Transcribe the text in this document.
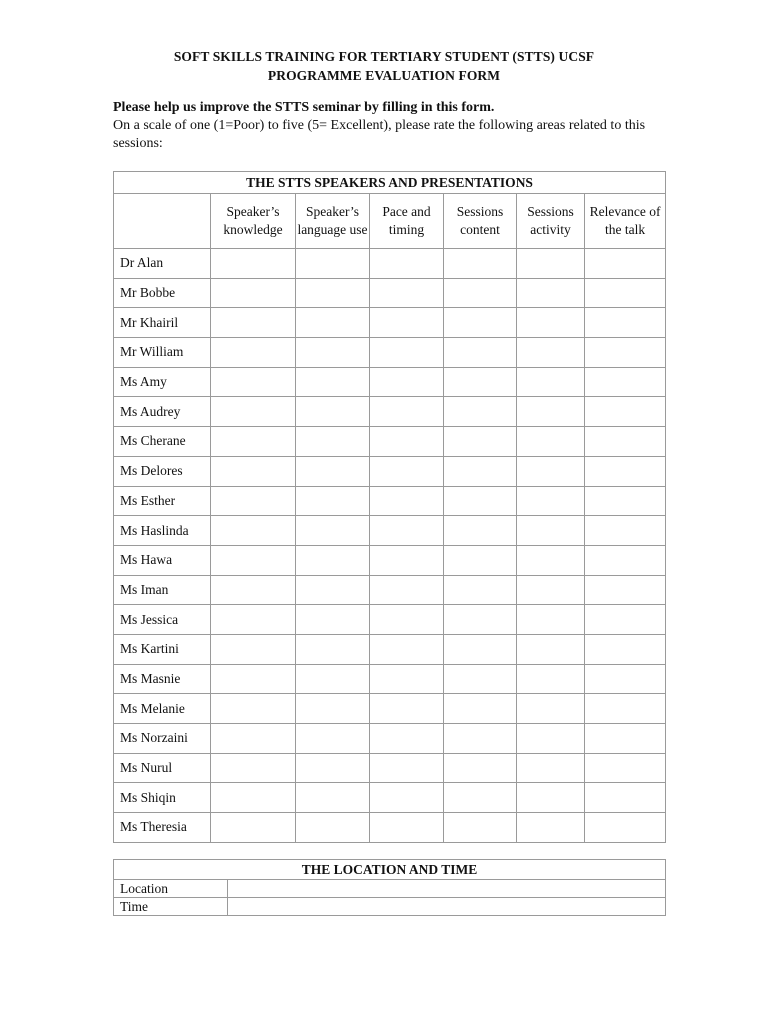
SOFT SKILLS TRAINING FOR TERTIARY STUDENT (STTS) UCSF
PROGRAMME EVALUATION FORM
Please help us improve the STTS seminar by filling in this form.
On a scale of one (1=Poor) to five (5= Excellent), please rate the following areas related to this sessions:
THE STTS SPEAKERS AND PRESENTATIONS						
	Speaker’s knowledge	Speaker’s language use	Pace and timing	Sessions content	Sessions activity	Relevance of the talk
Dr Alan						
Mr Bobbe						
Mr Khairil						
Mr William						
Ms Amy						
Ms Audrey						
Ms Cherane						
Ms Delores						
Ms Esther						
Ms Haslinda						
Ms Hawa						
Ms Iman						
Ms Jessica						
Ms Kartini						
Ms Masnie						
Ms Melanie						
Ms Norzaini						
Ms Nurul						
Ms Shiqin						
Ms Theresia						
THE LOCATION AND TIME	
Location	
Time	
